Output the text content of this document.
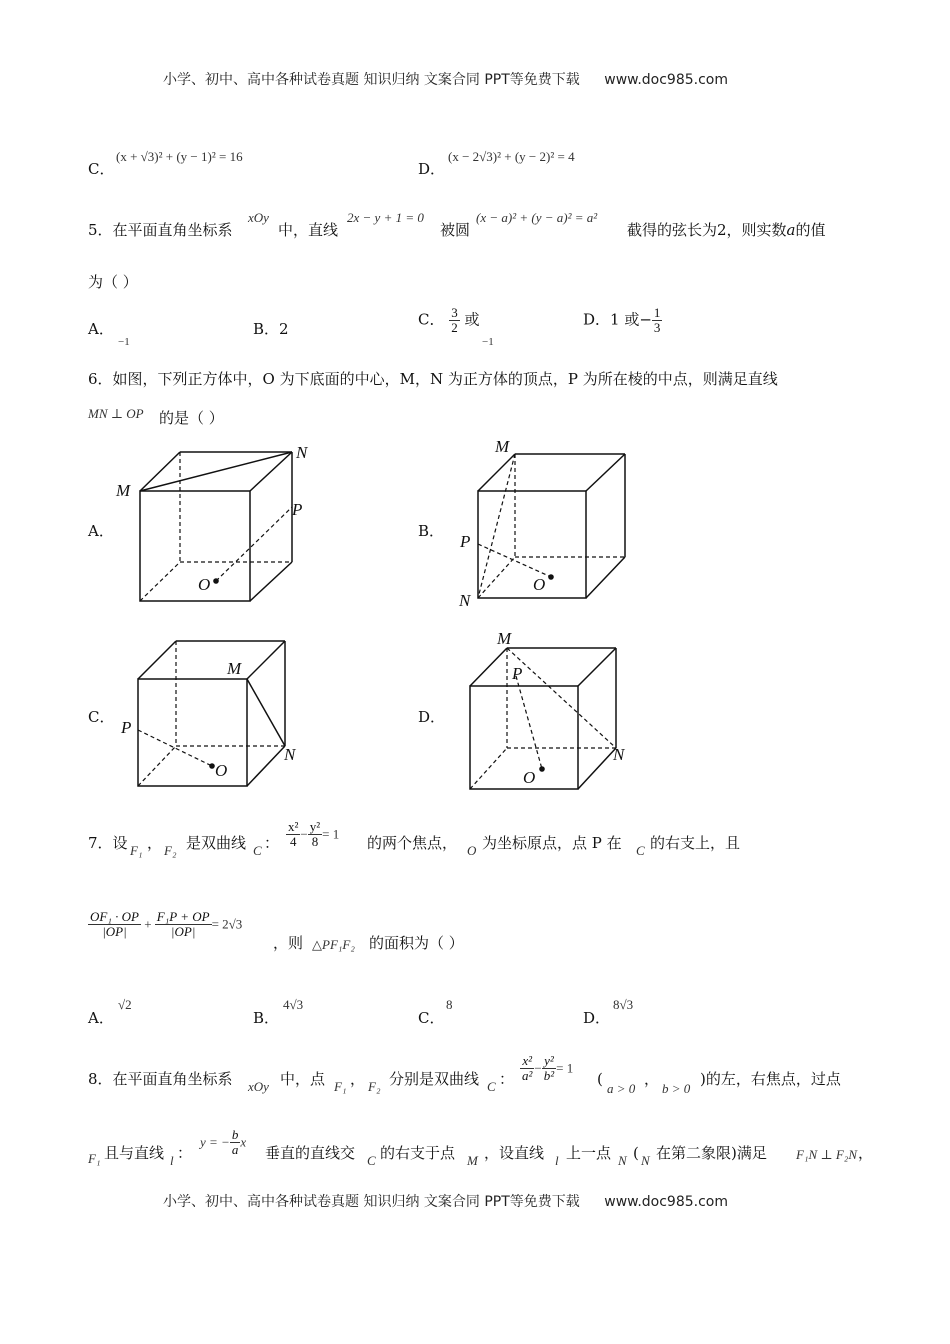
小学、初中、高中各种试卷真题 知识归纳 文案合同 PPT等免费下载 www.doc985.com
C．
(x + √3)² + (y − 1)² = 16
D．
(x − 2√3)² + (y − 2)² = 4
5．在平面直角坐标系
xOy
中，直线
2x − y + 1 = 0
被圆
(x − a)² + (y − a)² = a²
截得的弦长为2，则实数a的值
为（ ）
A．
−1
B．2
C． $\frac{3}{2}$ 或
−1
D．1 或− $\frac{1}{3}$
6．如图，下列正方体中，O 为下底面的中心，M，N 为正方体的顶点，P 为所在棱的中点，则满足直线
MN ⊥ OP 的是（ ）
A．	B．
C．	D．
M
N
P
O
M
N
P
O
M
N
P
O
M
N
P
O
7．设 F₁ ， F₂ 是双曲线 C ： $\frac{\text{x²}}{4} - \frac{\text{y²}}{8} = 1$ 的两个焦点， O 为坐标原点，点 P 在 C 的右支上，且
$\frac{\text{OF₁ · OP}}{|OP|} + \frac{\text{F₁P + OP}}{|OP|} = 2√3$
，则 △PF₁F₂ 的面积为（ ）
A．
√2
B．
4√3
C．
8
D．
8√3
8．在平面直角坐标系 xOy 中，点 F₁ ， F₂ 分别是双曲线 C ： $\frac{\text{x²}}{\text{a²}} - \frac{\text{y²}}{\text{b²}} = 1$
(
a > 0
，
b > 0
)的左，右焦点，过点
F₁ 且与直线 l ：
y = − $\frac{b}{a}$ x
垂直的直线交 C 的右支于点 M ，设直线 l 上一点 N ( N 在第二象限)满足 F₁N ⊥ F₂N ，
小学、初中、高中各种试卷真题 知识归纳 文案合同 PPT等免费下载 www.doc985.com
